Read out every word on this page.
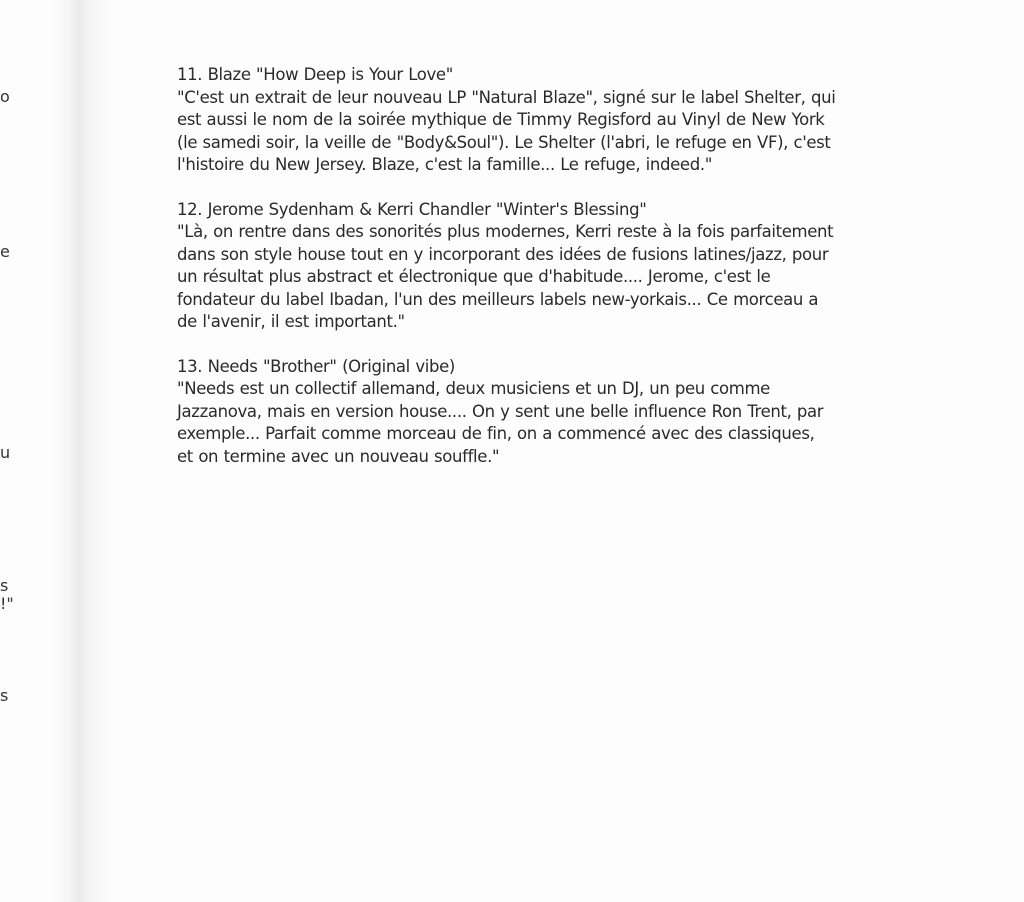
o
e
u
s
!"
s

11. Blaze "How Deep is Your Love"

"C'est un extrait de leur nouveau LP "Natural Blaze", signé sur le label Shelter, qui
est aussi le nom de la soirée mythique de Timmy Regisford au Vinyl de New York
(le samedi soir, la veille de "Body&Soul"). Le Shelter (l'abri, le refuge en VF), c'est
l'histoire du New Jersey. Blaze, c'est la famille... Le refuge, indeed."

12. Jerome Sydenham & Kerri Chandler "Winter's Blessing"

"Là, on rentre dans des sonorités plus modernes, Kerri reste à la fois parfaitement
dans son style house tout en y incorporant des idées de fusions latines/jazz, pour
un résultat plus abstract et électronique que d'habitude.... Jerome, c'est le
fondateur du label Ibadan, l'un des meilleurs labels new-yorkais... Ce morceau a
de l'avenir, il est important."

13. Needs "Brother" (Original vibe)

"Needs est un collectif allemand, deux musiciens et un DJ, un peu comme
Jazzanova, mais en version house.... On y sent une belle influence Ron Trent, par
exemple... Parfait comme morceau de fin, on a commencé avec des classiques,
et on termine avec un nouveau souffle."
